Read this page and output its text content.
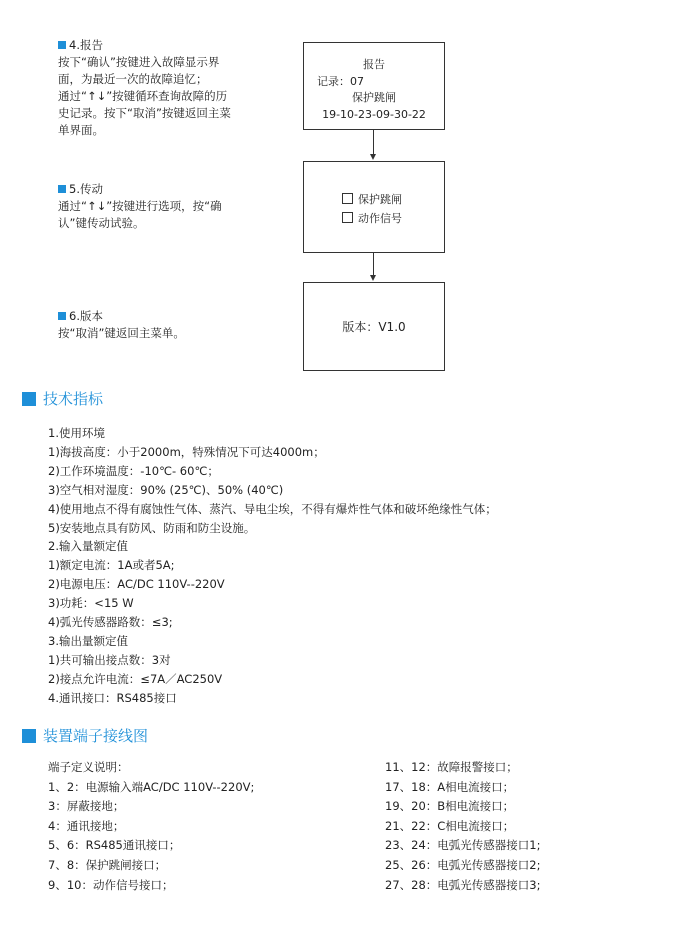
4.报告
按下“确认”按键进入故障显示界
面，为最近一次的故障追忆；
通过“↑↓”按键循环查询故障的历
史记录。按下“取消”按键返回主菜
单界面。
5.传动
通过“↑↓”按键进行选项，按“确
认”键传动试验。
6.版本
按“取消”键返回主菜单。
报告
记录：07
保护跳闸
19-10-23-09-30-22
保护跳闸
动作信号
版本：V1.0
技术指标
1.使用环境
1)海拔高度：小于2000m，特殊情况下可达4000m；
2)工作环境温度：-10℃- 60℃；
3)空气相对湿度：90% (25℃)、50% (40℃)
4)使用地点不得有腐蚀性气体、蒸汽、导电尘埃，不得有爆炸性气体和破坏绝缘性气体；
5)安装地点具有防风、防雨和防尘设施。
2.输入量额定值
1)额定电流：1A或者5A;
2)电源电压：AC/DC 110V--220V
3)功耗：<15 W
4)弧光传感器路数：≤3;
3.输出量额定值
1)共可输出接点数：3对
2)接点允许电流：≤7A／AC250V
4.通讯接口：RS485接口
装置端子接线图
端子定义说明：
1、2：电源输入端AC/DC 110V--220V;
3：屏蔽接地；
4：通讯接地；
5、6：RS485通讯接口；
7、8：保护跳闸接口；
9、10：动作信号接口；
11、12：故障报警接口；
17、18：A相电流接口；
19、20：B相电流接口；
21、22：C相电流接口；
23、24：电弧光传感器接口1;
25、26：电弧光传感器接口2;
27、28：电弧光传感器接口3;
